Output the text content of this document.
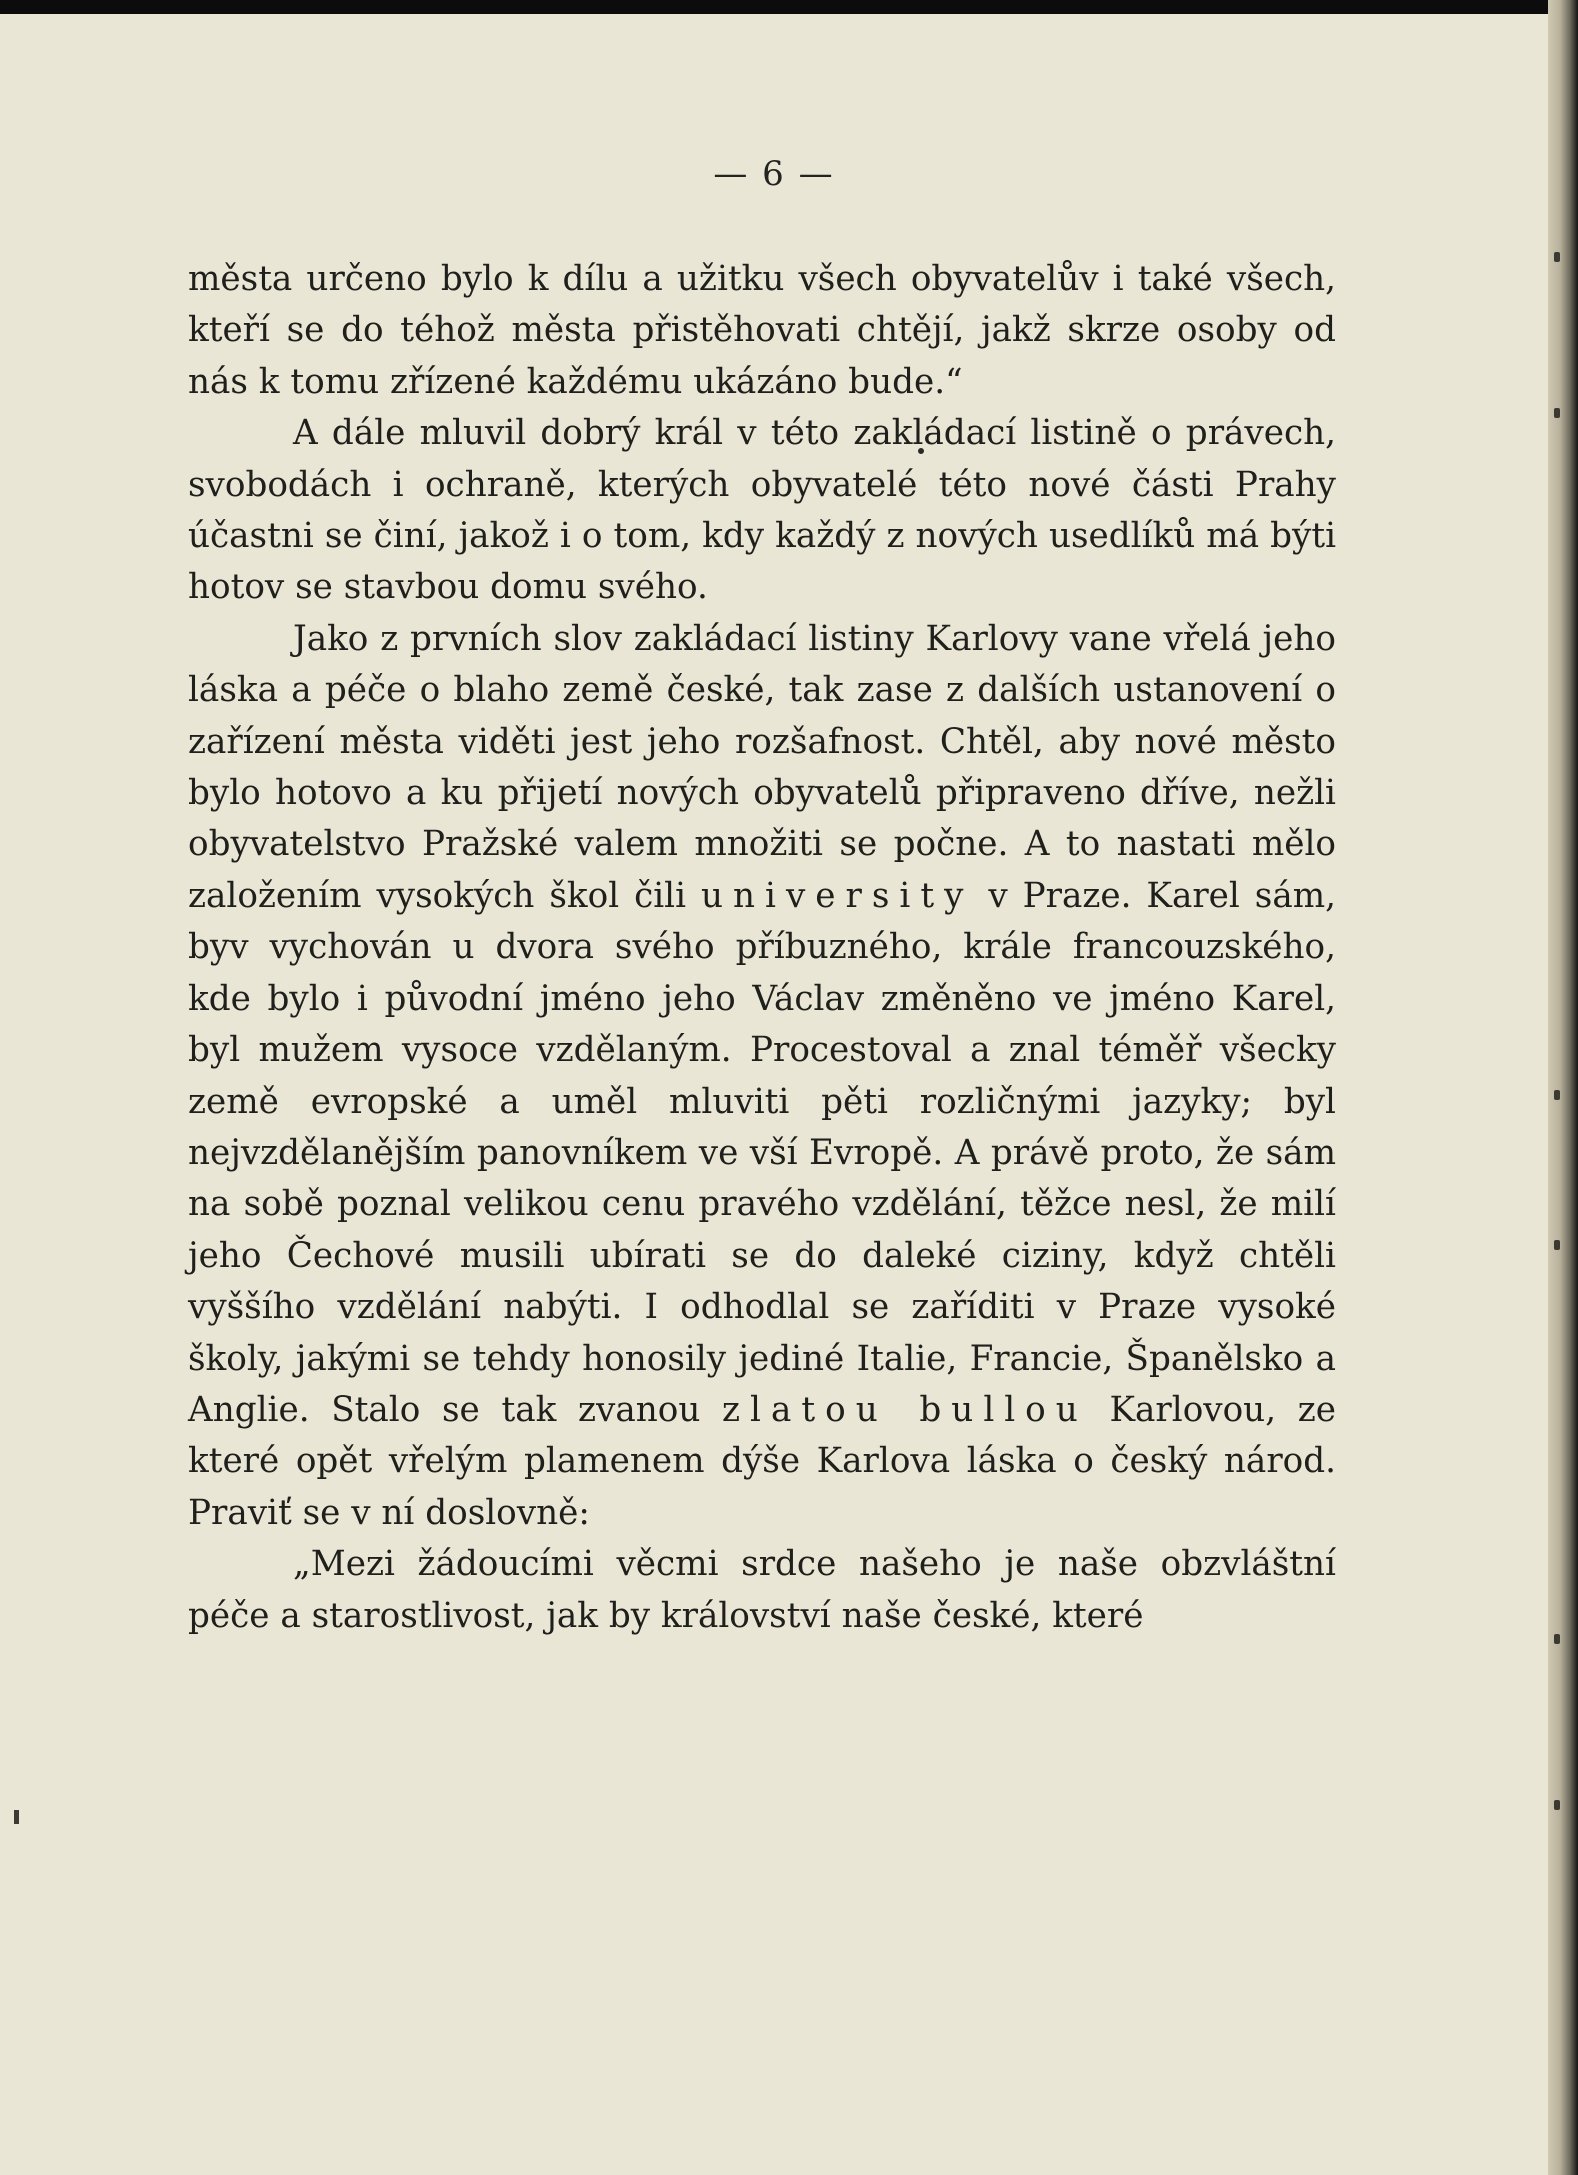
— 6 —

města určeno bylo k dílu a užitku všech obyvatelův i také všech, kteří se do téhož města přistěhovati chtějí, jakž skrze osoby od nás k tomu zřízené každému ukázáno bude.“

A dále mluvil dobrý král v této zakládací listině o právech, svobodách i ochraně, kterých obyvatelé této nové části Prahy účastni se činí, jakož i o tom, kdy každý z nových usedlíků má býti hotov se stavbou domu svého.

Jako z prvních slov zakládací listiny Karlovy vane vřelá jeho láska a péče o blaho země české, tak zase z dalších ustanovení o zařízení města viděti jest jeho rozšafnost. Chtěl, aby nové město bylo hotovo a ku přijetí nových obyvatelů připraveno dříve, nežli obyvatelstvo Pražské valem množiti se počne. A to nastati mělo založením vysokých škol čili university v Praze. Karel sám, byv vychován u dvora svého příbuzného, krále francouzského, kde bylo i původní jméno jeho Václav změněno ve jméno Karel, byl mužem vysoce vzdělaným. Procestoval a znal téměř všecky země evropské a uměl mluviti pěti rozličnými jazyky; byl nejvzdělanějším panovníkem ve vší Evropě. A právě proto, že sám na sobě poznal velikou cenu pravého vzdělání, těžce nesl, že milí jeho Čechové musili ubírati se do daleké ciziny, když chtěli vyššího vzdělání nabýti. I odhodlal se zaříditi v Praze vysoké školy, jakými se tehdy honosily jediné Italie, Francie, Španělsko a Anglie. Stalo se tak zvanou zlatou bullou Karlovou, ze které opět vřelým plamenem dýše Karlova láska o český národ. Praviť se v ní doslovně:

„Mezi žádoucími věcmi srdce našeho je naše obzvláštní péče a starostlivost, jak by království naše české, které
